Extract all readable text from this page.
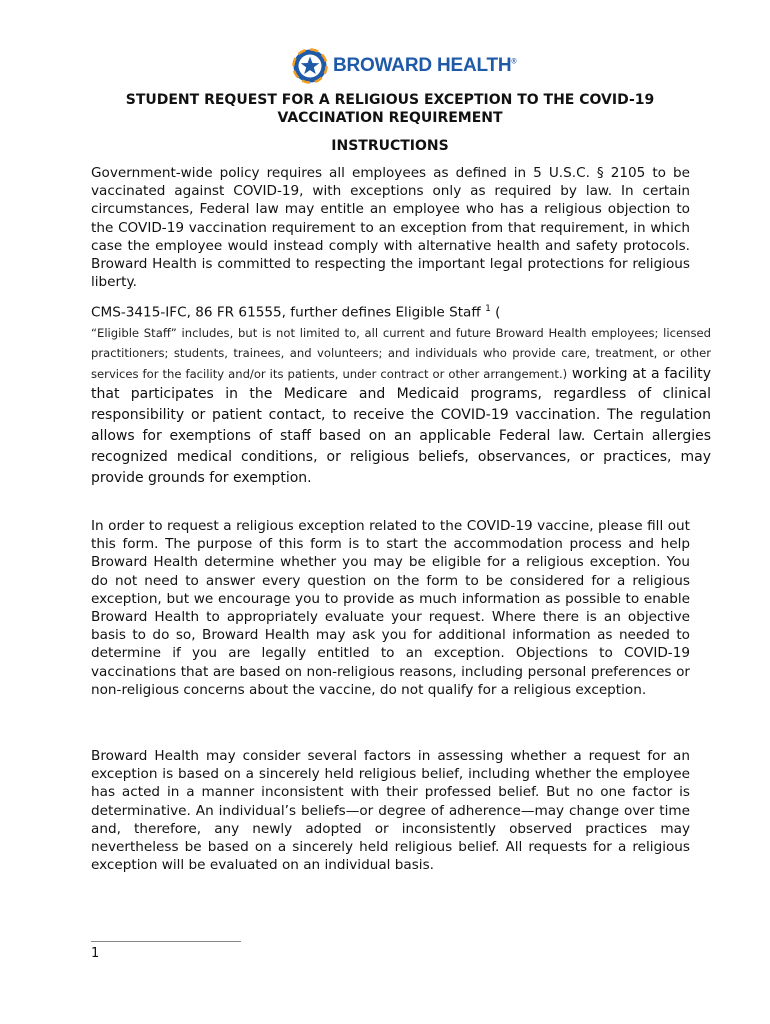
BROWARD HEALTH®
STUDENT REQUEST FOR A RELIGIOUS EXCEPTION TO THE COVID-19 VACCINATION REQUIREMENT
INSTRUCTIONS

Government-wide policy requires all employees as defined in 5 U.S.C. § 2105 to be vaccinated against COVID-19, with exceptions only as required by law. In certain circumstances, Federal law may entitle an employee who has a religious objection to the COVID-19 vaccination requirement to an exception from that requirement, in which case the employee would instead comply with alternative health and safety protocols. Broward Health is committed to respecting the important legal protections for religious liberty.

CMS-3415-IFC, 86 FR 61555, further defines Eligible Staff $^1$ (
“Eligible Staff” includes, but is not limited to, all current and future Broward Health employees; licensed practitioners; students, trainees, and volunteers; and individuals who provide care, treatment, or other services for the facility and/or its patients, under contract or other arrangement.) working at a facility that participates in the Medicare and Medicaid programs, regardless of clinical responsibility or patient contact, to receive the COVID-19 vaccination. The regulation allows for exemptions of staff based on an applicable Federal law. Certain allergies recognized medical conditions, or religious beliefs, observances, or practices, may provide grounds for exemption.

In order to request a religious exception related to the COVID-19 vaccine, please fill out this form. The purpose of this form is to start the accommodation process and help Broward Health determine whether you may be eligible for a religious exception. You do not need to answer every question on the form to be considered for a religious exception, but we encourage you to provide as much information as possible to enable Broward Health to appropriately evaluate your request. Where there is an objective basis to do so, Broward Health may ask you for additional information as needed to determine if you are legally entitled to an exception. Objections to COVID-19 vaccinations that are based on non-religious reasons, including personal preferences or non-religious concerns about the vaccine, do not qualify for a religious exception.

Broward Health may consider several factors in assessing whether a request for an exception is based on a sincerely held religious belief, including whether the employee has acted in a manner inconsistent with their professed belief. But no one factor is determinative. An individual’s beliefs—or degree of adherence—may change over time and, therefore, any newly adopted or inconsistently observed practices may nevertheless be based on a sincerely held religious belief. All requests for a religious exception will be evaluated on an individual basis.

1
